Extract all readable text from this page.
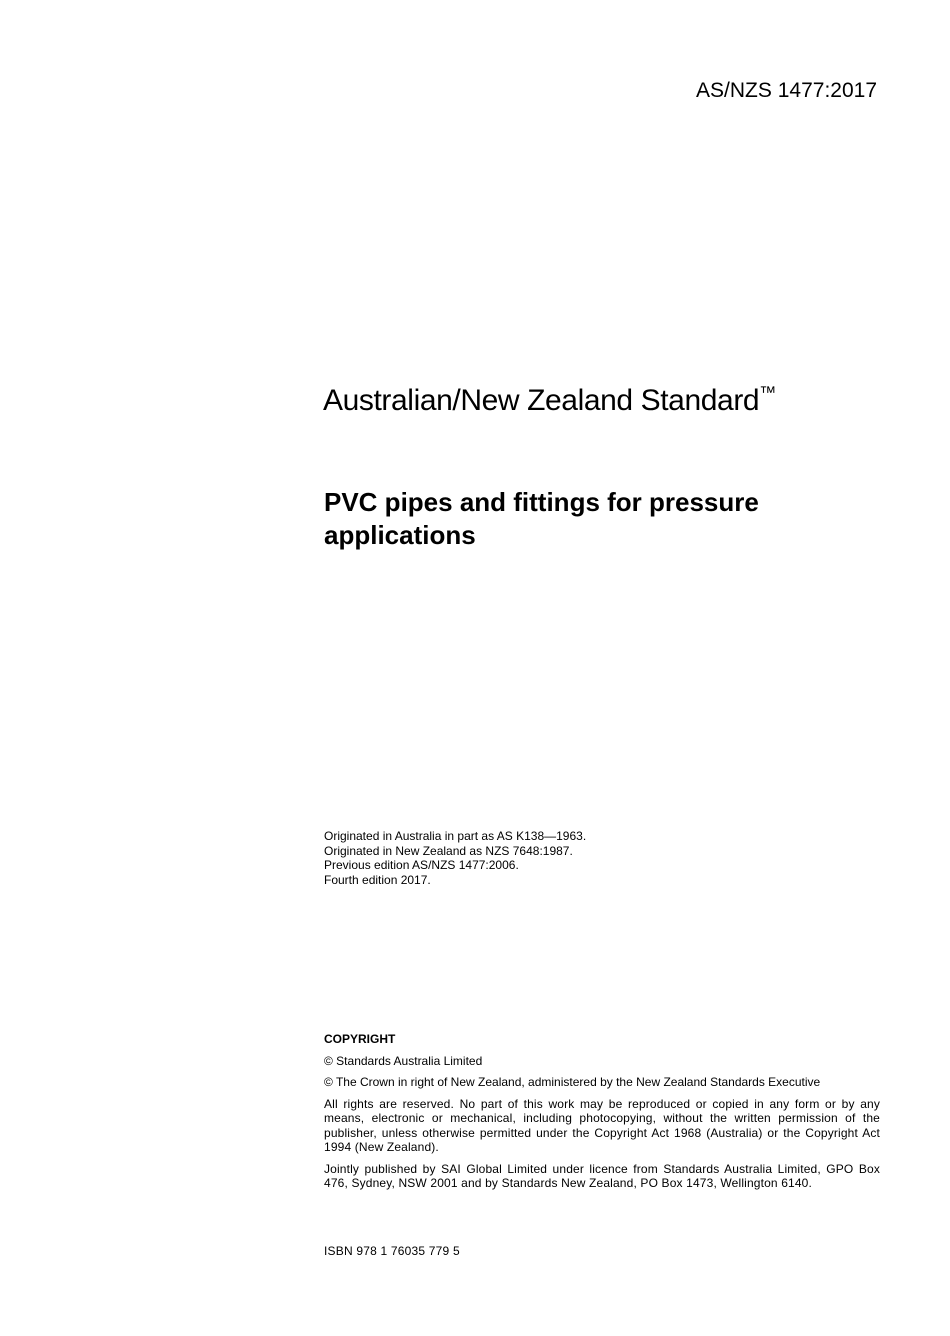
AS/NZS 1477:2017
Australian/New Zealand Standard™
PVC pipes and fittings for pressure applications
Originated in Australia in part as AS K138—1963.
Originated in New Zealand as NZS 7648:1987.
Previous edition AS/NZS 1477:2006.
Fourth edition 2017.
COPYRIGHT

© Standards Australia Limited

© The Crown in right of New Zealand, administered by the New Zealand Standards Executive

All rights are reserved. No part of this work may be reproduced or copied in any form or by any means, electronic or mechanical, including photocopying, without the written permission of the publisher, unless otherwise permitted under the Copyright Act 1968 (Australia) or the Copyright Act 1994 (New Zealand).

Jointly published by SAI Global Limited under licence from Standards Australia Limited, GPO Box 476, Sydney, NSW 2001 and by Standards New Zealand, PO Box 1473, Wellington 6140.

ISBN 978 1 76035 779 5
